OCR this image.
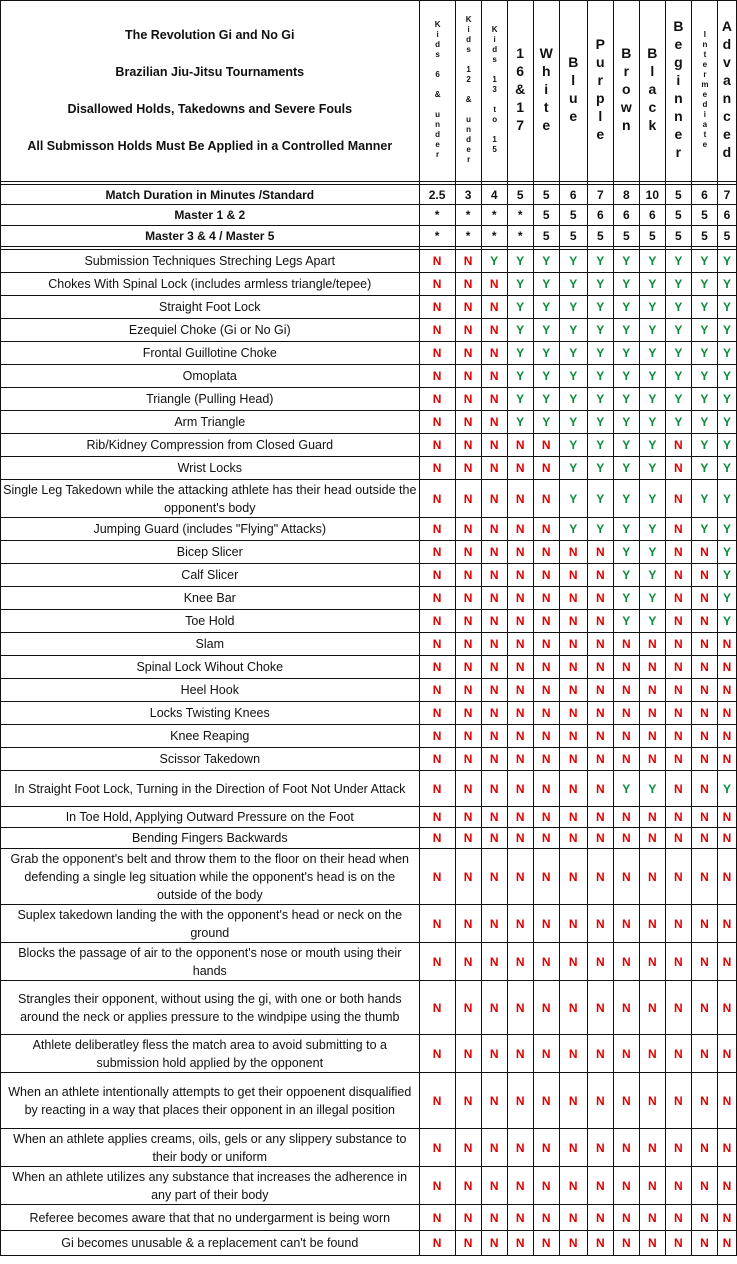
The Revolution Gi and No Gi
Brazilian Jiu-Jitsu Tournaments
Disallowed Holds, Takedowns and Severe Fouls
All Submisson Holds Must Be Applied in a Controlled Manner	Kids 6 & under	Kids 12 & under	Kids 13 to 15	16&17	White	Blue	Purple	Brown	Black	Beginner	Intermediate	Advanced

Match Duration in Minutes /Standard	2.5	3	4	5	5	6	7	8	10	5	6	7
Master 1 & 2	*	*	*	*	5	5	6	6	6	5	5	6
Master 3 & 4 / Master 5	*	*	*	*	5	5	5	5	5	5	5	5

Submission Techniques Streching Legs Apart	N	N	Y	Y	Y	Y	Y	Y	Y	Y	Y	Y
Chokes With Spinal Lock (includes armless triangle/tepee)	N	N	N	Y	Y	Y	Y	Y	Y	Y	Y	Y
Straight Foot Lock	N	N	N	Y	Y	Y	Y	Y	Y	Y	Y	Y
Ezequiel Choke (Gi or No Gi)	N	N	N	Y	Y	Y	Y	Y	Y	Y	Y	Y
Frontal Guillotine Choke	N	N	N	Y	Y	Y	Y	Y	Y	Y	Y	Y
Omoplata	N	N	N	Y	Y	Y	Y	Y	Y	Y	Y	Y
Triangle (Pulling Head)	N	N	N	Y	Y	Y	Y	Y	Y	Y	Y	Y
Arm Triangle	N	N	N	Y	Y	Y	Y	Y	Y	Y	Y	Y
Rib/Kidney Compression from Closed Guard	N	N	N	N	N	Y	Y	Y	Y	N	Y	Y
Wrist Locks	N	N	N	N	N	Y	Y	Y	Y	N	Y	Y
Single Leg Takedown while the attacking athlete has their head outside the opponent's body	N	N	N	N	N	Y	Y	Y	Y	N	Y	Y
Jumping Guard (includes "Flying" Attacks)	N	N	N	N	N	Y	Y	Y	Y	N	Y	Y
Bicep Slicer	N	N	N	N	N	N	N	Y	Y	N	N	Y
Calf Slicer	N	N	N	N	N	N	N	Y	Y	N	N	Y
Knee Bar	N	N	N	N	N	N	N	Y	Y	N	N	Y
Toe Hold	N	N	N	N	N	N	N	Y	Y	N	N	Y
Slam	N	N	N	N	N	N	N	N	N	N	N	N
Spinal Lock Wihout Choke	N	N	N	N	N	N	N	N	N	N	N	N
Heel Hook	N	N	N	N	N	N	N	N	N	N	N	N
Locks Twisting Knees	N	N	N	N	N	N	N	N	N	N	N	N
Knee Reaping	N	N	N	N	N	N	N	N	N	N	N	N
Scissor Takedown	N	N	N	N	N	N	N	N	N	N	N	N
In Straight Foot Lock, Turning in the Direction of Foot Not Under Attack	N	N	N	N	N	N	N	Y	Y	N	N	Y
In Toe Hold, Applying Outward Pressure on the Foot	N	N	N	N	N	N	N	N	N	N	N	N
Bending Fingers Backwards	N	N	N	N	N	N	N	N	N	N	N	N
Grab the opponent's belt and throw them to the floor on their head when defending a single leg situation while the opponent's head is on the outside of the body	N	N	N	N	N	N	N	N	N	N	N	N
Suplex takedown landing the with the opponent's head or neck on the ground	N	N	N	N	N	N	N	N	N	N	N	N
Blocks the passage of air to the opponent's nose or mouth using their hands	N	N	N	N	N	N	N	N	N	N	N	N
Strangles their opponent, without using the gi, with one or both hands around the neck or applies pressure to the windpipe using the thumb	N	N	N	N	N	N	N	N	N	N	N	N
Athlete deliberatley fless the match area to avoid submitting to a submission hold applied by the opponent	N	N	N	N	N	N	N	N	N	N	N	N
When an athlete intentionally attempts to get their oppoenent disqualified by reacting in a way that places their opponent in an illegal position	N	N	N	N	N	N	N	N	N	N	N	N
When an athlete applies creams, oils, gels or any slippery substance to their body or uniform	N	N	N	N	N	N	N	N	N	N	N	N
When an athlete utilizes any substance that increases the adherence in any part of their body	N	N	N	N	N	N	N	N	N	N	N	N
Referee becomes aware that that no undergarment is being worn	N	N	N	N	N	N	N	N	N	N	N	N
Gi becomes unusable & a replacement can't be found	N	N	N	N	N	N	N	N	N	N	N	N
